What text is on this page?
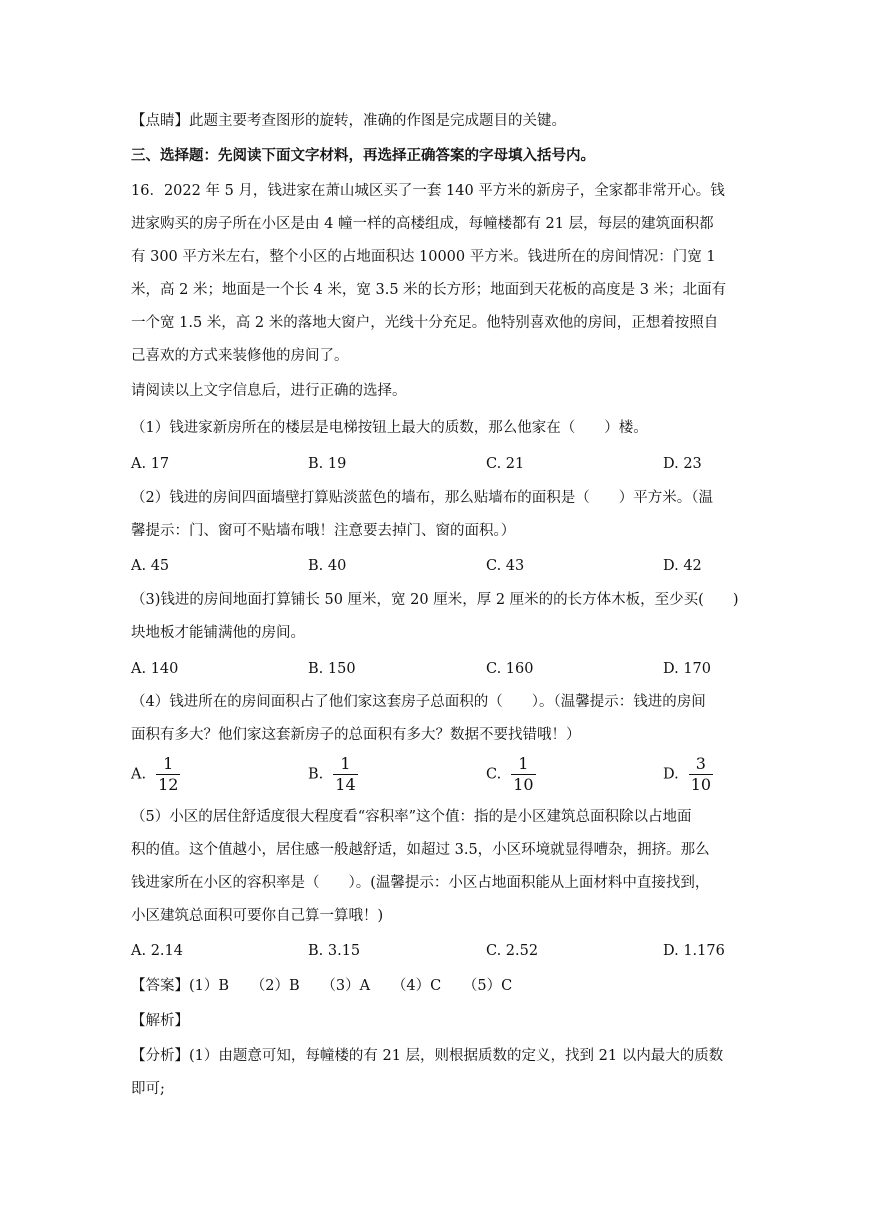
【点睛】此题主要考查图形的旋转，准确的作图是完成题目的关键。
三、选择题：先阅读下面文字材料，再选择正确答案的字母填入括号内。
16．2022 年 5 月，钱进家在萧山城区买了一套 140 平方米的新房子，全家都非常开心。钱
进家购买的房子所在小区是由 4 幢一样的高楼组成，每幢楼都有 21 层，每层的建筑面积都
有 300 平方米左右，整个小区的占地面积达 10000 平方米。钱进所在的房间情况：门宽 1
米，高 2 米；地面是一个长 4 米，宽 3.5 米的长方形；地面到天花板的高度是 3 米；北面有
一个宽 1.5 米，高 2 米的落地大窗户，光线十分充足。他特别喜欢他的房间，正想着按照自
己喜欢的方式来装修他的房间了。
请阅读以上文字信息后，进行正确的选择。
（1）钱进家新房所在的楼层是电梯按钮上最大的质数，那么他家在（　　）楼。
A. 17	B. 19	C. 21	D. 23
（2）钱进的房间四面墙壁打算贴淡蓝色的墙布，那么贴墙布的面积是（　　）平方米。（温
馨提示：门、窗可不贴墙布哦！注意要去掉门、窗的面积。）
A. 45	B. 40	C. 43	D. 42
（3)钱进的房间地面打算铺长 50 厘米，宽 20 厘米，厚 2 厘米的的长方体木板，至少买(　　)
块地板才能铺满他的房间。
A. 140	B. 150	C. 160	D. 170
（4）钱进所在的房间面积占了他们家这套房子总面积的（　　）。（温馨提示：钱进的房间
面积有多大？他们家这套新房子的总面积有多大？数据不要找错哦！）
A. $\frac{1}{12}$	B. $\frac{1}{14}$	C. $\frac{1}{10}$	D. $\frac{3}{10}$
（5）小区的居住舒适度很大程度看“容积率”这个值：指的是小区建筑总面积除以占地面
积的值。这个值越小，居住感一般越舒适，如超过 3.5，小区环境就显得嘈杂，拥挤。那么
钱进家所在小区的容积率是（　　）。(温馨提示：小区占地面积能从上面材料中直接找到，
小区建筑总面积可要你自己算一算哦！)
A. 2.14	B. 3.15	C. 2.52	D. 1.176
【答案】(1）B　　（2）B　　（3）A　　（4）C　　（5）C
【解析】
【分析】(1）由题意可知，每幢楼的有 21 层，则根据质数的定义，找到 21 以内最大的质数
即可;
